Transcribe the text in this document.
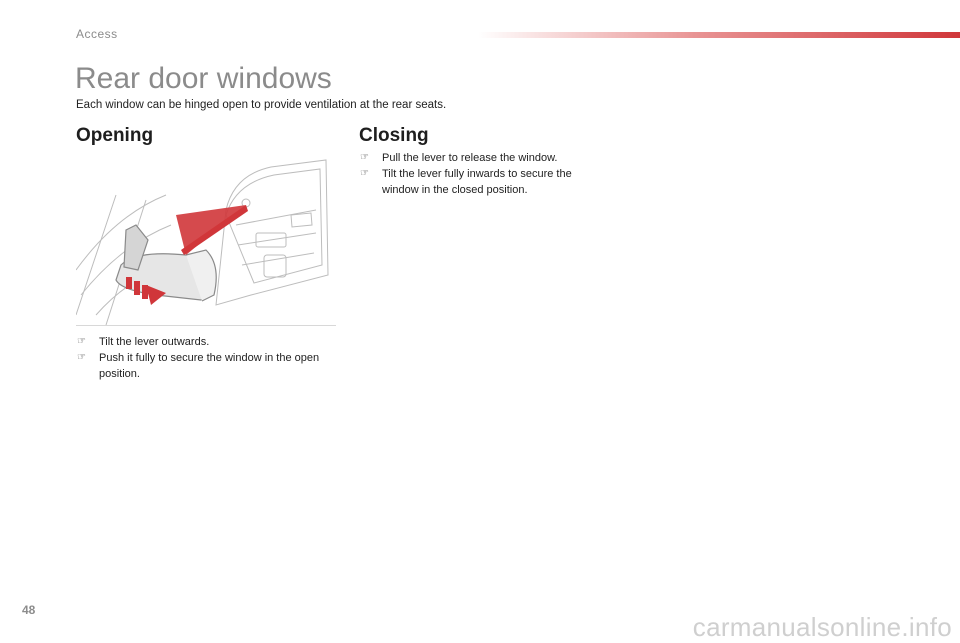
Access
Rear door windows
Each window can be hinged open to provide ventilation at the rear seats.
Opening	Closing
☞ Tilt the lever outwards.
☞ Push it fully to secure the window in the open position.
☞ Pull the lever to release the window.
☞ Tilt the lever fully inwards to secure the window in the closed position.
48
carmanualsonline.info
